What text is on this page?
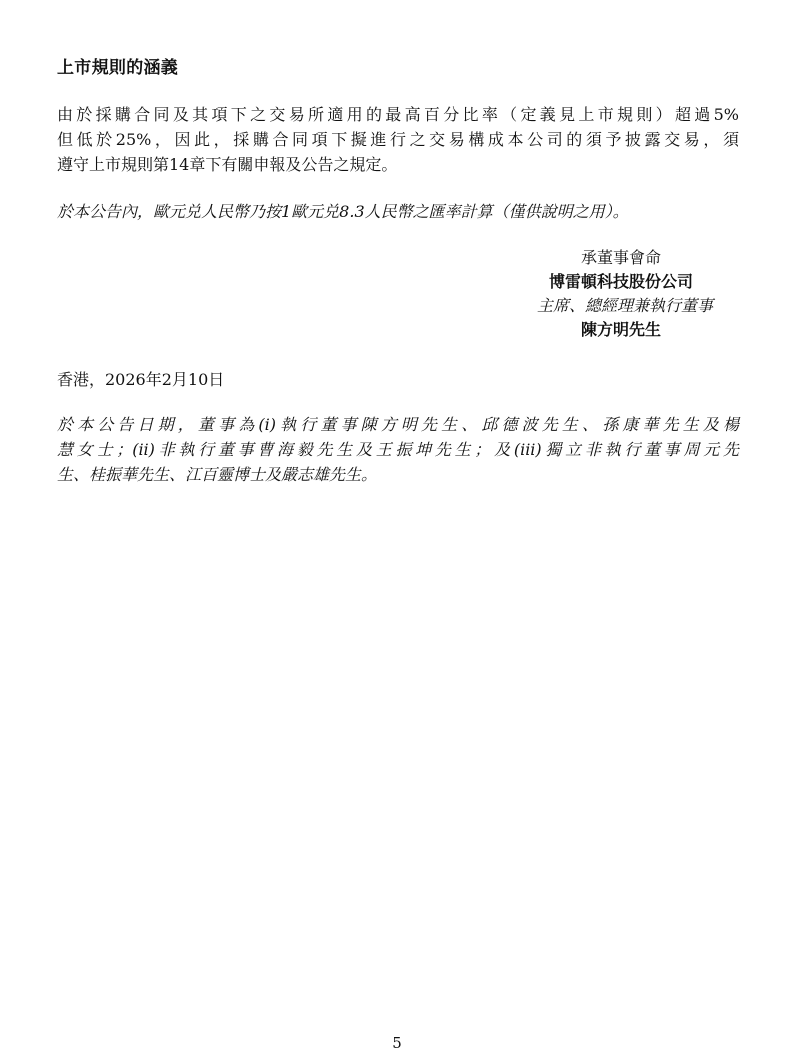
上市規則的涵義
由於採購合同及其項下之交易所適用的最高百分比率（定義見上市規則）超過5%
但低於25%，因此，採購合同項下擬進行之交易構成本公司的須予披露交易，須
遵守上市規則第14章下有關申報及公告之規定。
於本公告內，歐元兑人民幣乃按1歐元兑8.3人民幣之匯率計算（僅供說明之用）。
承董事會命
博雷頓科技股份公司
主席、總經理兼執行董事
陳方明先生
香港，2026年2月10日
於本公告日期，董事為(i)執行董事陳方明先生、邱德波先生、孫康華先生及楊
慧女士；(ii)非執行董事曹海毅先生及王振坤先生；及(iii)獨立非執行董事周元先
生、桂振華先生、江百靈博士及嚴志雄先生。
5
